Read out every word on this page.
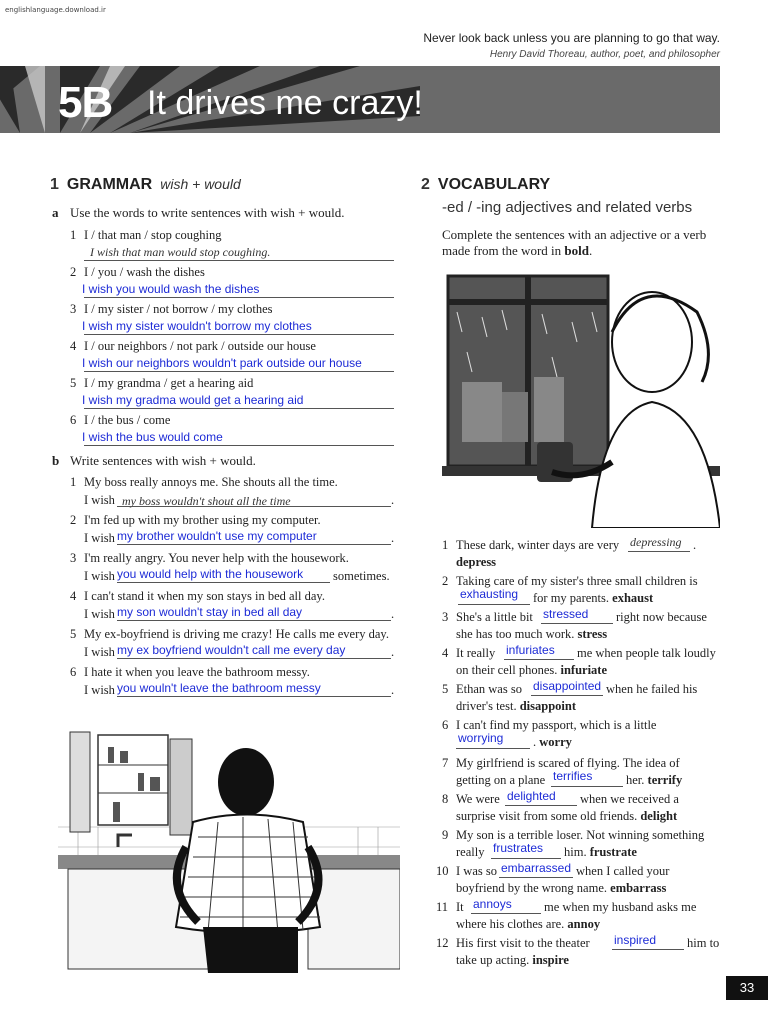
englishlanguage.download.ir
Never look back unless you are planning to go that way.
Henry David Thoreau, author, poet, and philosopher
5B It drives me crazy!
1 GRAMMAR wish + would
a Use the words to write sentences with wish + would.
1 I / that man / stop coughing
I wish that man would stop coughing.
2 I / you / wash the dishes
I wish you would wash the dishes
3 I / my sister / not borrow / my clothes
I wish my sister wouldn't borrow my clothes
4 I / our neighbors / not park / outside our house
I wish our neighbors wouldn't park outside our house
5 I / my grandma / get a hearing aid
I wish my gradma would get a hearing aid
6 I / the bus / come
I wish the bus would come
b Write sentences with wish + would.
1 My boss really annoys me. She shouts all the time.
I wish my boss wouldn't shout all the time	.
2 I'm fed up with my brother using my computer.
I wish my brother wouldn't use my computer	.
3 I'm really angry. You never help with the housework.
I wish you would help with the housework sometimes.
4 I can't stand it when my son stays in bed all day.
I wish my son wouldn't stay in bed all day	.
5 My ex-boyfriend is driving me crazy! He calls me every day.
I wish my ex boyfriend wouldn't call me every day	.
6 I hate it when you leave the bathroom messy.
I wish you wouln't leave the bathroom messy	.
2 VOCABULARY
-ed / -ing adjectives and related verbs
Complete the sentences with an adjective or a verb
made from the word in bold.
1 These dark, winter days are very depressing .
depress
2 Taking care of my sister's three small children is
exhausting for my parents. exhaust
3 She's a little bit stressed right now because
she has too much work. stress
4 It really infuriates me when people talk loudly
on their cell phones. infuriate
5 Ethan was so disappointed when he failed his
driver's test. disappoint
6 I can't find my passport, which is a little
worrying . worry
7 My girlfriend is scared of flying. The idea of
getting on a plane terrifies	her. terrify
8 We were delighted when we received a
surprise visit from some old friends. delight
9 My son is a terrible loser. Not winning something
really frustrates him. frustrate
10 I was so embarrassed when I called your
boyfriend by the wrong name. embarrass
11 It annoys	me when my husband asks me
where his clothes are. annoy
12 His first visit to the theater inspired him to
take up acting. inspire
33
